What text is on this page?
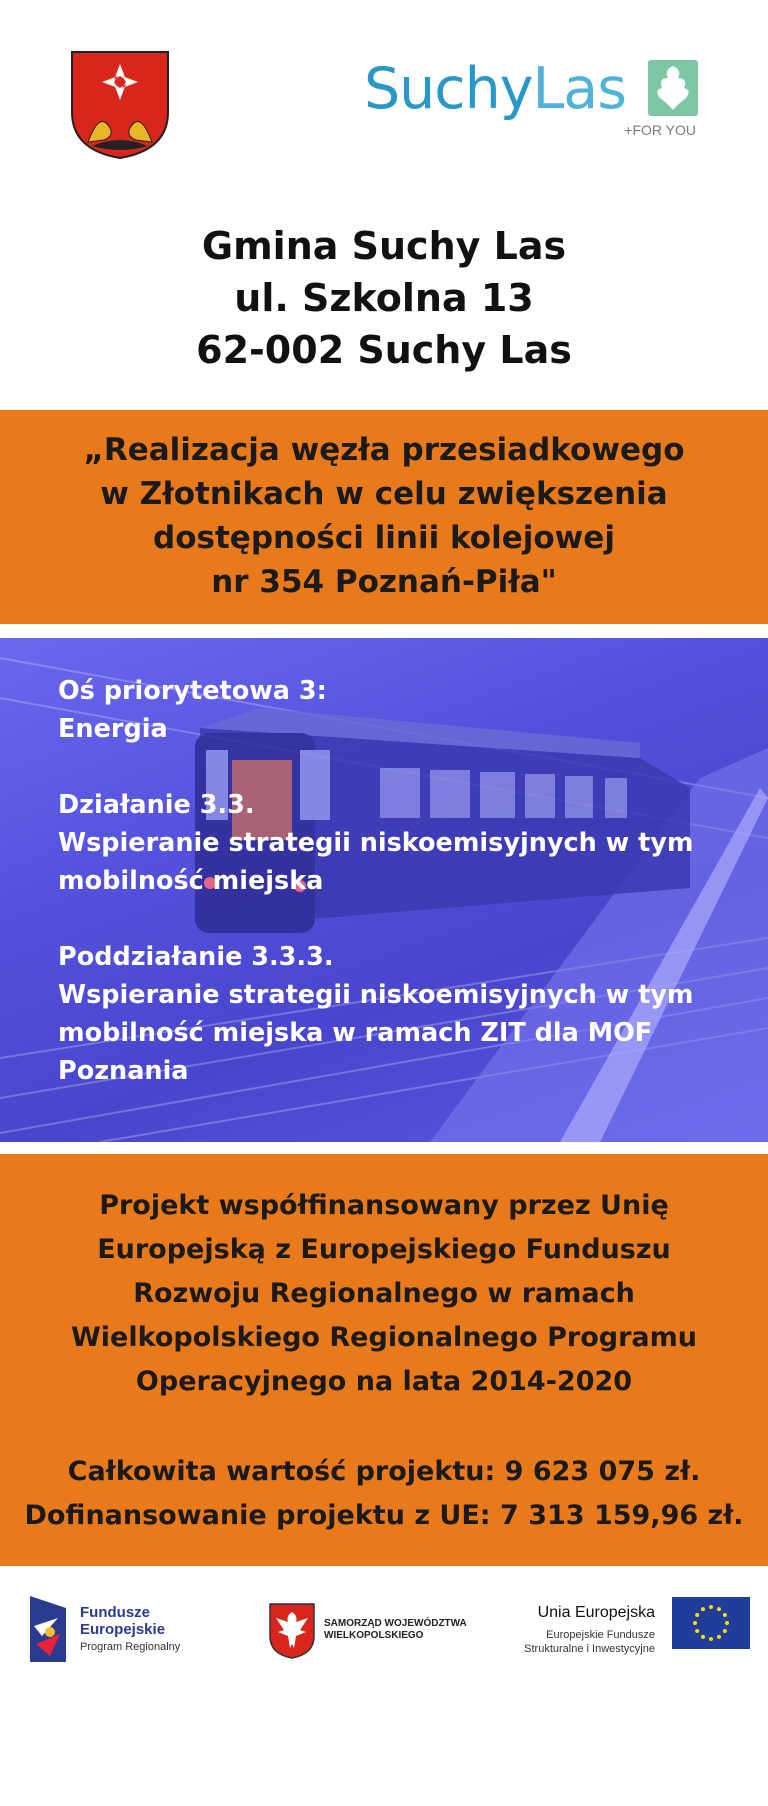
SuchyLas
+FOR YOU
Gmina Suchy Las
ul. Szkolna 13
62-002 Suchy Las
„Realizacja węzła przesiadkowego
w Złotnikach w celu zwiększenia
dostępności linii kolejowej
nr 354 Poznań-Piła"
Oś priorytetowa 3:
Energia
Działanie 3.3.
Wspieranie strategii niskoemisyjnych w tym
mobilność miejska
Poddziałanie 3.3.3.
Wspieranie strategii niskoemisyjnych w tym
mobilność miejska w ramach ZIT dla MOF
Poznania
Projekt współfinansowany przez Unię
Europejską z Europejskiego Funduszu
Rozwoju Regionalnego w ramach
Wielkopolskiego Regionalnego Programu
Operacyjnego na lata 2014-2020
Całkowita wartość projektu: 9 623 075 zł.
Dofinansowanie projektu z UE: 7 313 159,96 zł.
Fundusze
Europejskie
Program Regionalny
SAMORZĄD WOJEWÓDZTWA
WIELKOPOLSKIEGO
Unia Europejska
Europejskie Fundusze
Strukturalne i Inwestycyjne
